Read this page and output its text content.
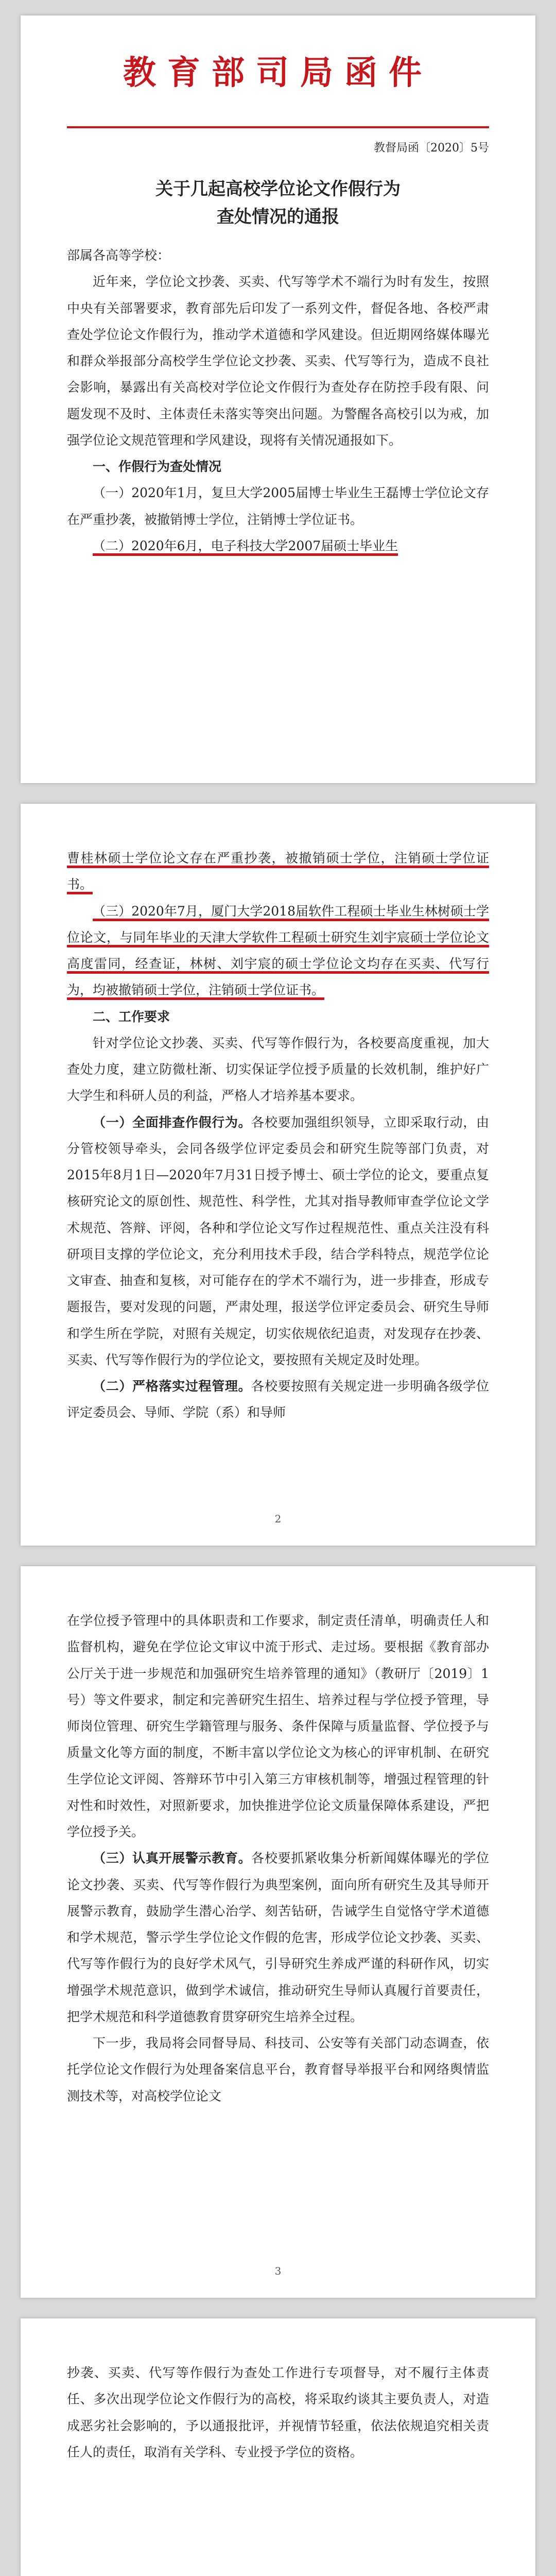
教育部司局函件
教督局函〔2020〕5号
关于几起高校学位论文作假行为
查处情况的通报

部属各高等学校：

近年来，学位论文抄袭、买卖、代写等学术不端行为时有发生，按照中央有关部署要求，教育部先后印发了一系列文件，督促各地、各校严肃查处学位论文作假行为，推动学术道德和学风建设。但近期网络媒体曝光和群众举报部分高校学生学位论文抄袭、买卖、代写等行为，造成不良社会影响，暴露出有关高校对学位论文作假行为查处存在防控手段有限、问题发现不及时、主体责任未落实等突出问题。为警醒各高校引以为戒，加强学位论文规范管理和学风建设，现将有关情况通报如下。

一、作假行为查处情况

（一）2020年1月，复旦大学2005届博士毕业生王磊博士学位论文存在严重抄袭，被撤销博士学位，注销博士学位证书。

（二）2020年6月，电子科技大学2007届硕士毕业生

曹桂林硕士学位论文存在严重抄袭，被撤销硕士学位，注销硕士学位证书。

（三）2020年7月，厦门大学2018届软件工程硕士毕业生林树硕士学位论文，与同年毕业的天津大学软件工程硕士研究生刘宇宸硕士学位论文高度雷同，经查证，林树、刘宇宸的硕士学位论文均存在买卖、代写行为，均被撤销硕士学位，注销硕士学位证书。

二、工作要求

针对学位论文抄袭、买卖、代写等作假行为，各校要高度重视，加大查处力度，建立防微杜渐、切实保证学位授予质量的长效机制，维护好广大学生和科研人员的利益，严格人才培养基本要求。

（一）全面排查作假行为。各校要加强组织领导，立即采取行动，由分管校领导牵头，会同各级学位评定委员会和研究生院等部门负责，对2015年8月1日—2020年7月31日授予博士、硕士学位的论文，要重点复核研究论文的原创性、规范性、科学性，尤其对指导教师审查学位论文学术规范、答辩、评阅，各种和学位论文写作过程规范性、重点关注没有科研项目支撑的学位论文，充分利用技术手段，结合学科特点，规范学位论文审查、抽查和复核，对可能存在的学术不端行为，进一步排查，形成专题报告，要对发现的问题，严肃处理，报送学位评定委员会、研究生导师和学生所在学院，对照有关规定，切实依规依纪追责，对发现存在抄袭、买卖、代写等作假行为的学位论文，要按照有关规定及时处理。

（二）严格落实过程管理。各校要按照有关规定进一步明确各级学位评定委员会、导师、学院（系）和导师

2

在学位授予管理中的具体职责和工作要求，制定责任清单，明确责任人和监督机构，避免在学位论文审议中流于形式、走过场。要根据《教育部办公厅关于进一步规范和加强研究生培养管理的通知》（教研厅〔2019〕1号）等文件要求，制定和完善研究生招生、培养过程与学位授予管理，导师岗位管理、研究生学籍管理与服务、条件保障与质量监督、学位授予与质量文化等方面的制度，不断丰富以学位论文为核心的评审机制、在研究生学位论文评阅、答辩环节中引入第三方审核机制等，增强过程管理的针对性和时效性，对照新要求，加快推进学位论文质量保障体系建设，严把学位授予关。

（三）认真开展警示教育。各校要抓紧收集分析新闻媒体曝光的学位论文抄袭、买卖、代写等作假行为典型案例，面向所有研究生及其导师开展警示教育，鼓励学生潜心治学、刻苦钻研，告诫学生自觉恪守学术道德和学术规范，警示学生学位论文作假的危害，形成学位论文抄袭、买卖、代写等作假行为的良好学术风气，引导研究生养成严谨的科研作风，切实增强学术规范意识，做到学术诚信，推动研究生导师认真履行首要责任，把学术规范和科学道德教育贯穿研究生培养全过程。

下一步，我局将会同督导局、科技司、公安等有关部门动态调查，依托学位论文作假行为处理备案信息平台，教育督导举报平台和网络舆情监测技术等，对高校学位论文

3

抄袭、买卖、代写等作假行为查处工作进行专项督导，对不履行主体责任、多次出现学位论文作假行为的高校，将采取约谈其主要负责人，对造成恶劣社会影响的，予以通报批评，并视情节轻重，依法依规追究相关责任人的责任，取消有关学科、专业授予学位的资格。
